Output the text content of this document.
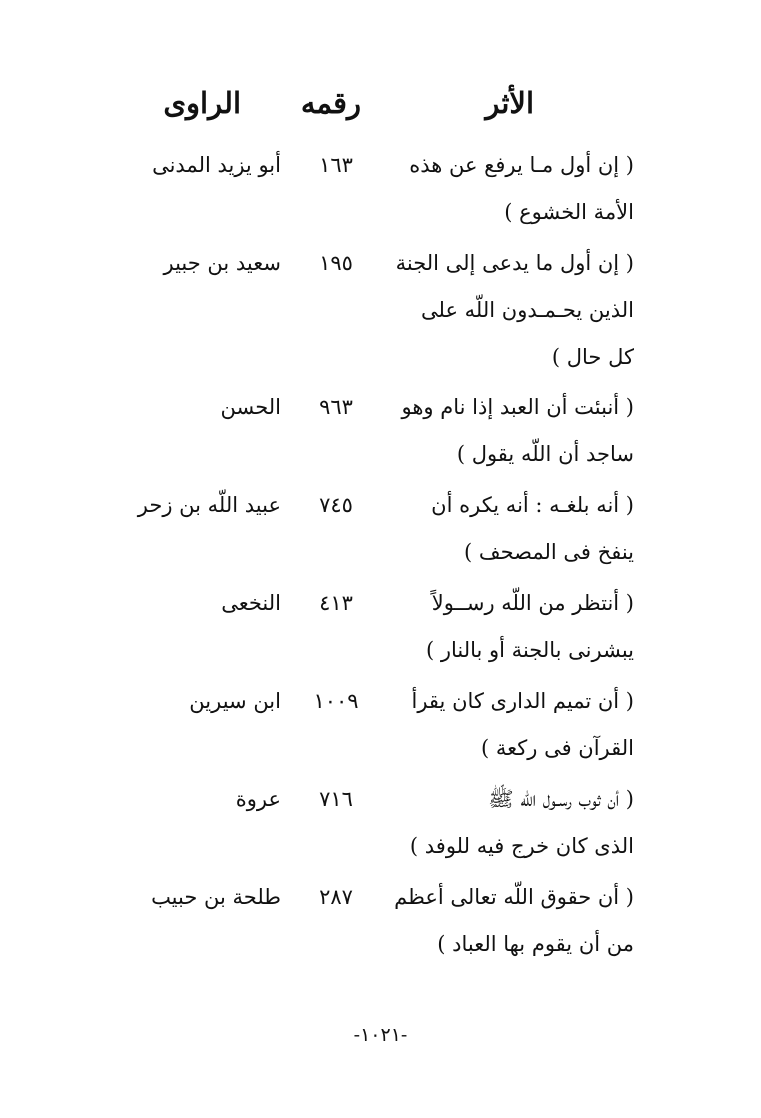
الأثر
رقمه
الراوى
( إن أول مـا يرفع عن هذه
الأمة الخشوع )
١٦٣
أبو يزيد المدنى
( إن أول ما يدعى إلى الجنة
الذين يحـمـدون اللّه على
كل حال )
١٩٥
سعيد بن جبير
( أنبئت أن العبد إذا نام وهو
ساجد أن اللّه يقول )
٩٦٣
الحسن
( أنه بلغـه : أنه يكره أن
ينفخ فى المصحف )
٧٤٥
عبيد اللّه بن زحر
( أنتظر من اللّه رســولاً
يبشرنى بالجنة أو بالنار )
٤١٣
النخعى
( أن تميم الدارى كان يقرأ
القرآن فى ركعة )
١٠٠٩
ابن سيرين
( أن ثوب رسـول اللّه ﷺ
الذى كان خرج فيه للوفد )
٧١٦
عروة
( أن حقوق اللّه تعالى أعظم
من أن يقوم بها العباد )
٢٨٧
طلحة بن حبيب
-١٠٢١-
